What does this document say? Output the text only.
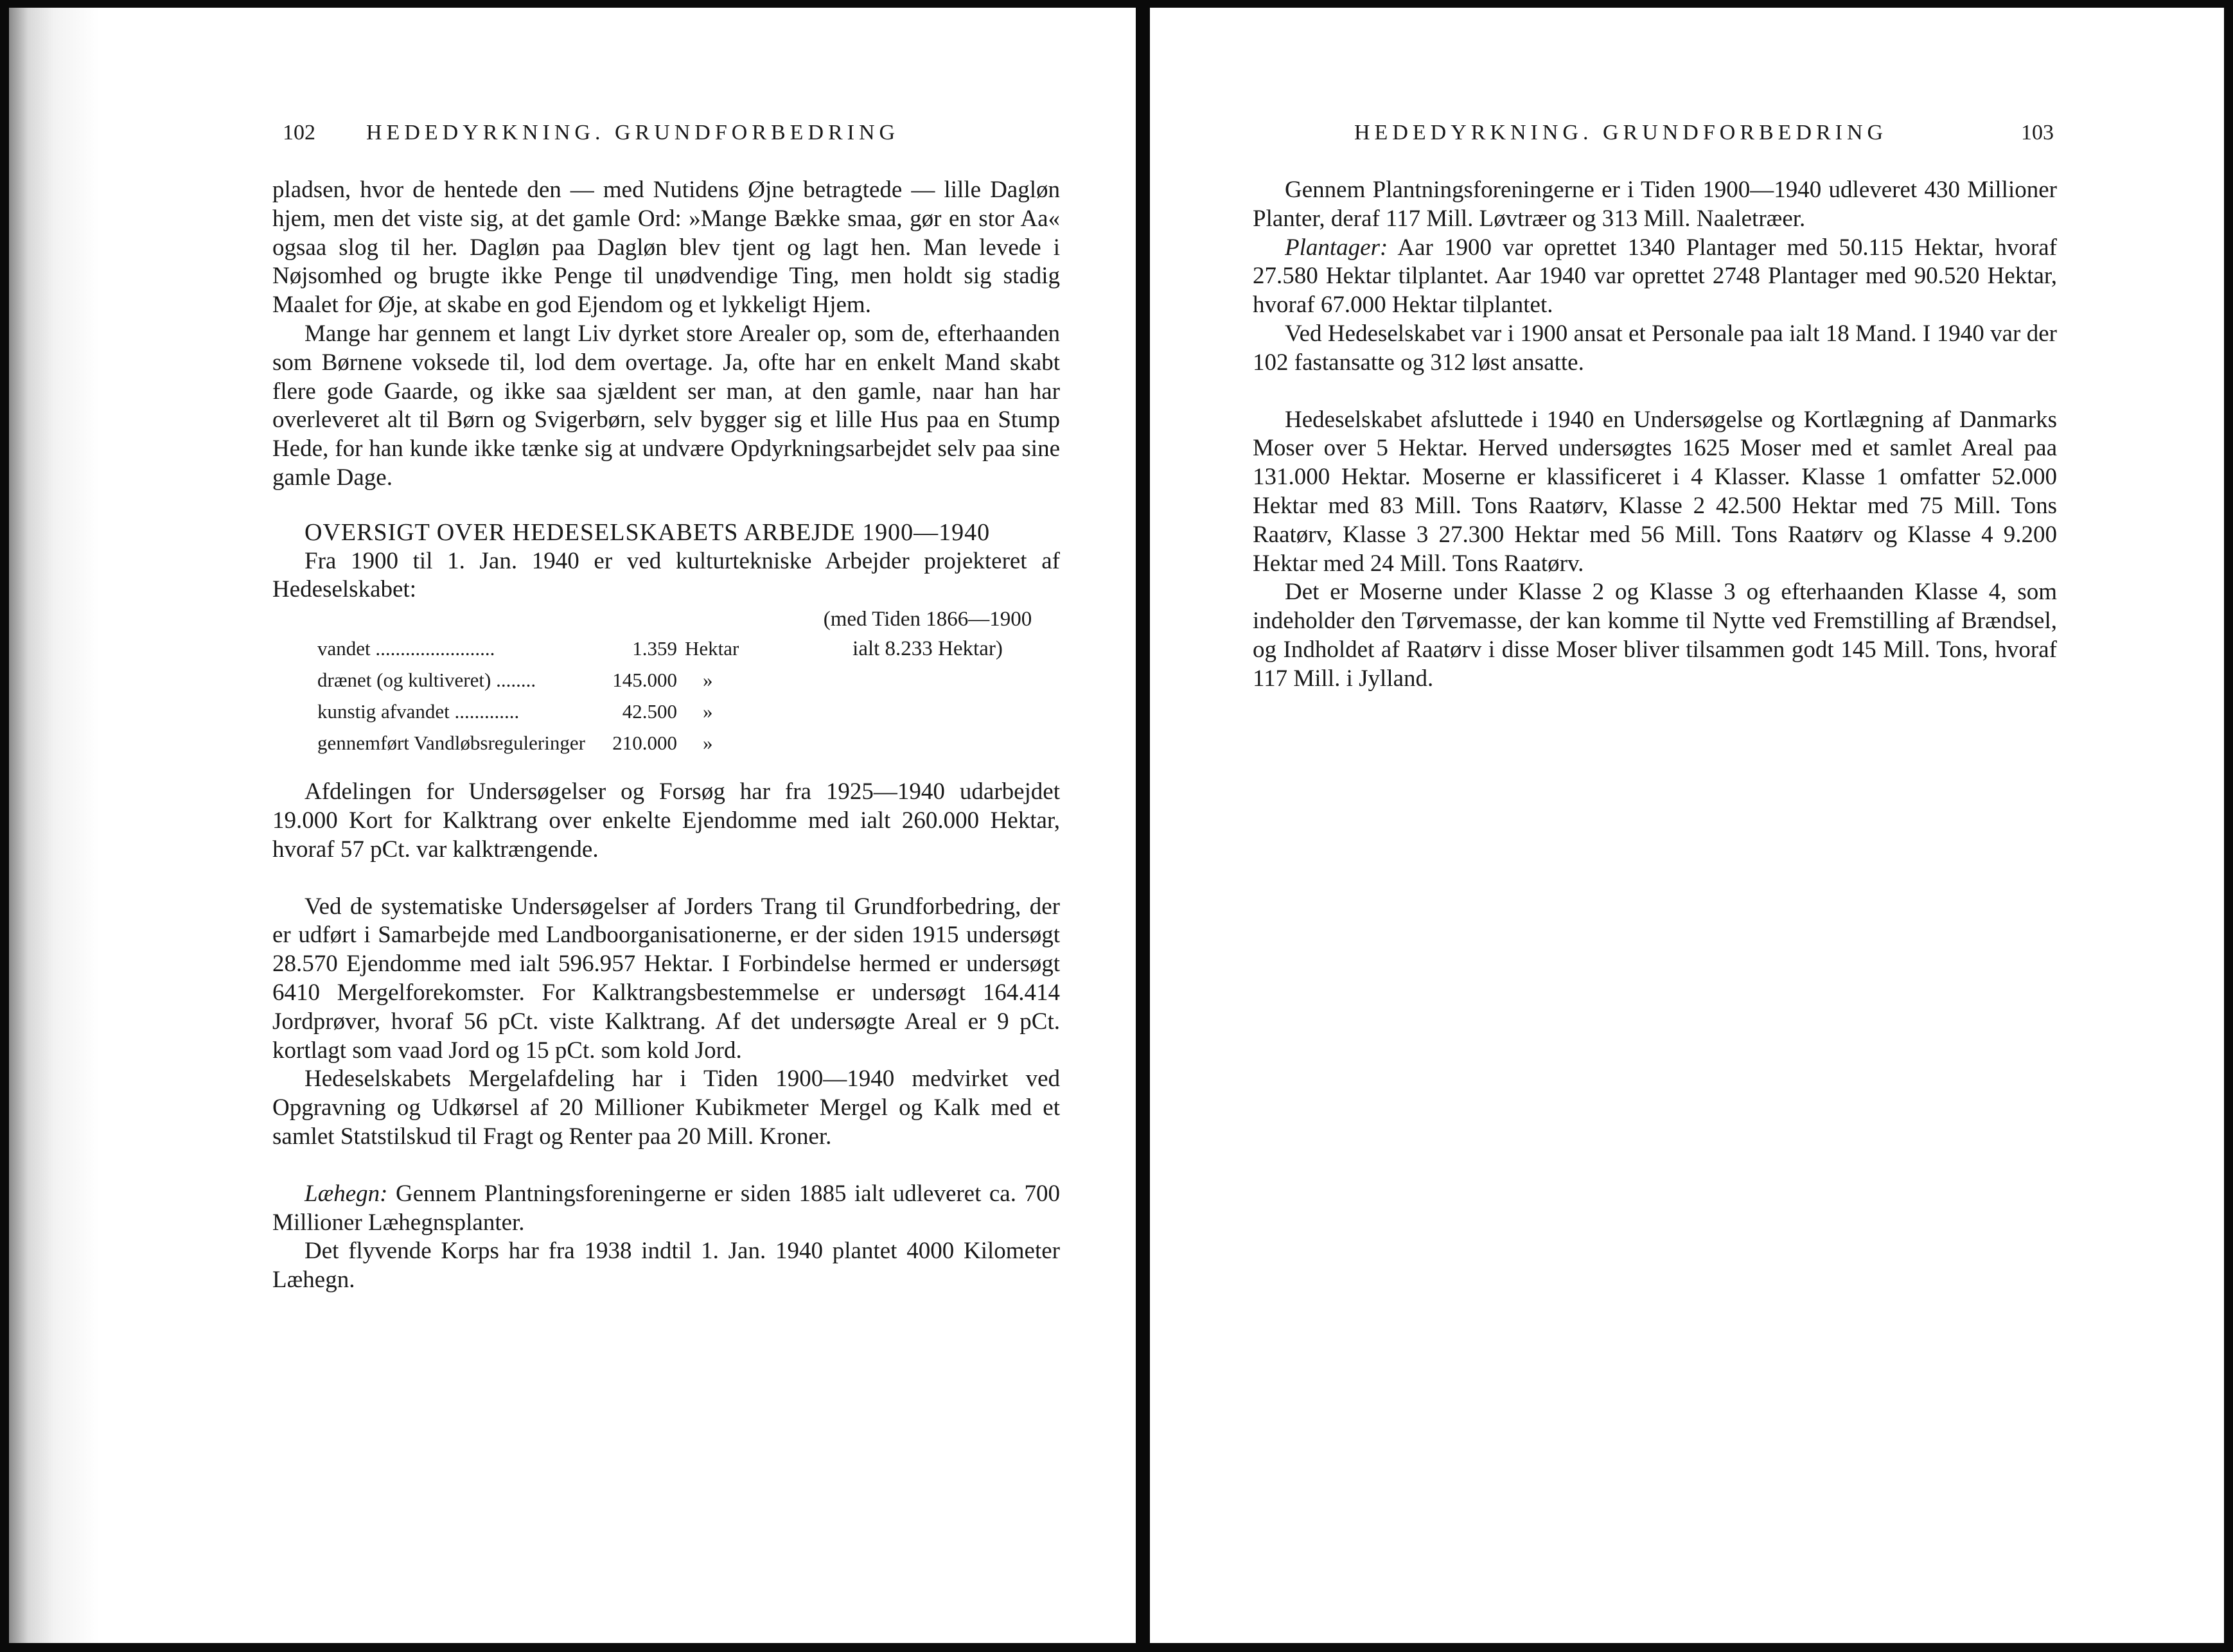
102 HEDEDYRKNING. GRUNDFORBEDRING

pladsen, hvor de hentede den — med Nutidens Øjne betragtede — lille Dagløn hjem, men det viste sig, at det gamle Ord: »Mange Bække smaa, gør en stor Aa« ogsaa slog til her. Dagløn paa Dagløn blev tjent og lagt hen. Man levede i Nøjsomhed og brugte ikke Penge til unødvendige Ting, men holdt sig stadig Maalet for Øje, at skabe en god Ejendom og et lykkeligt Hjem.

Mange har gennem et langt Liv dyrket store Arealer op, som de, efterhaanden som Børnene voksede til, lod dem overtage. Ja, ofte har en enkelt Mand skabt flere gode Gaarde, og ikke saa sjældent ser man, at den gamle, naar han har overleveret alt til Børn og Svigerbørn, selv bygger sig et lille Hus paa en Stump Hede, for han kunde ikke tænke sig at undvære Opdyrkningsarbejdet selv paa sine gamle Dage.

OVERSIGT OVER HEDESELSKABETS ARBEJDE 1900—1940

Fra 1900 til 1. Jan. 1940 er ved kulturtekniske Arbejder projekteret af Hedeselskabet:

(med Tiden 1866—1900
ialt 8.233 Hektar)
vandet ........................	1.359	Hektar
drænet (og kultiveret) ........	145.000	»
kunstig afvandet .............	42.500	»
gennemført Vandløbsreguleringer	210.000	»

Afdelingen for Undersøgelser og Forsøg har fra 1925—1940 udarbejdet 19.000 Kort for Kalktrang over enkelte Ejendomme med ialt 260.000 Hektar, hvoraf 57 pCt. var kalktrængende.

Ved de systematiske Undersøgelser af Jorders Trang til Grundforbedring, der er udført i Samarbejde med Landboorganisationerne, er der siden 1915 undersøgt 28.570 Ejendomme med ialt 596.957 Hektar. I Forbindelse hermed er undersøgt 6410 Mergelforekomster. For Kalktrangsbestemmelse er undersøgt 164.414 Jordprøver, hvoraf 56 pCt. viste Kalktrang. Af det undersøgte Areal er 9 pCt. kortlagt som vaad Jord og 15 pCt. som kold Jord.

Hedeselskabets Mergelafdeling har i Tiden 1900—1940 medvirket ved Opgravning og Udkørsel af 20 Millioner Kubikmeter Mergel og Kalk med et samlet Statstilskud til Fragt og Renter paa 20 Mill. Kroner.

Læhegn: Gennem Plantningsforeningerne er siden 1885 ialt udleveret ca. 700 Millioner Læhegnsplanter.

Det flyvende Korps har fra 1938 indtil 1. Jan. 1940 plantet 4000 Kilometer Læhegn.

HEDEDYRKNING. GRUNDFORBEDRING	103

Gennem Plantningsforeningerne er i Tiden 1900—1940 udleveret 430 Millioner Planter, deraf 117 Mill. Løvtræer og 313 Mill. Naaletræer.

Plantager: Aar 1900 var oprettet 1340 Plantager med 50.115 Hektar, hvoraf 27.580 Hektar tilplantet. Aar 1940 var oprettet 2748 Plantager med 90.520 Hektar, hvoraf 67.000 Hektar tilplantet.

Ved Hedeselskabet var i 1900 ansat et Personale paa ialt 18 Mand. I 1940 var der 102 fastansatte og 312 løst ansatte.

Hedeselskabet afsluttede i 1940 en Undersøgelse og Kortlægning af Danmarks Moser over 5 Hektar. Herved undersøgtes 1625 Moser med et samlet Areal paa 131.000 Hektar. Moserne er klassificeret i 4 Klasser. Klasse 1 omfatter 52.000 Hektar med 83 Mill. Tons Raatørv, Klasse 2 42.500 Hektar med 75 Mill. Tons Raatørv, Klasse 3 27.300 Hektar med 56 Mill. Tons Raatørv og Klasse 4 9.200 Hektar med 24 Mill. Tons Raatørv.

Det er Moserne under Klasse 2 og Klasse 3 og efterhaanden Klasse 4, som indeholder den Tørvemasse, der kan komme til Nytte ved Fremstilling af Brændsel, og Indholdet af Raatørv i disse Moser bliver tilsammen godt 145 Mill. Tons, hvoraf 117 Mill. i Jylland.
